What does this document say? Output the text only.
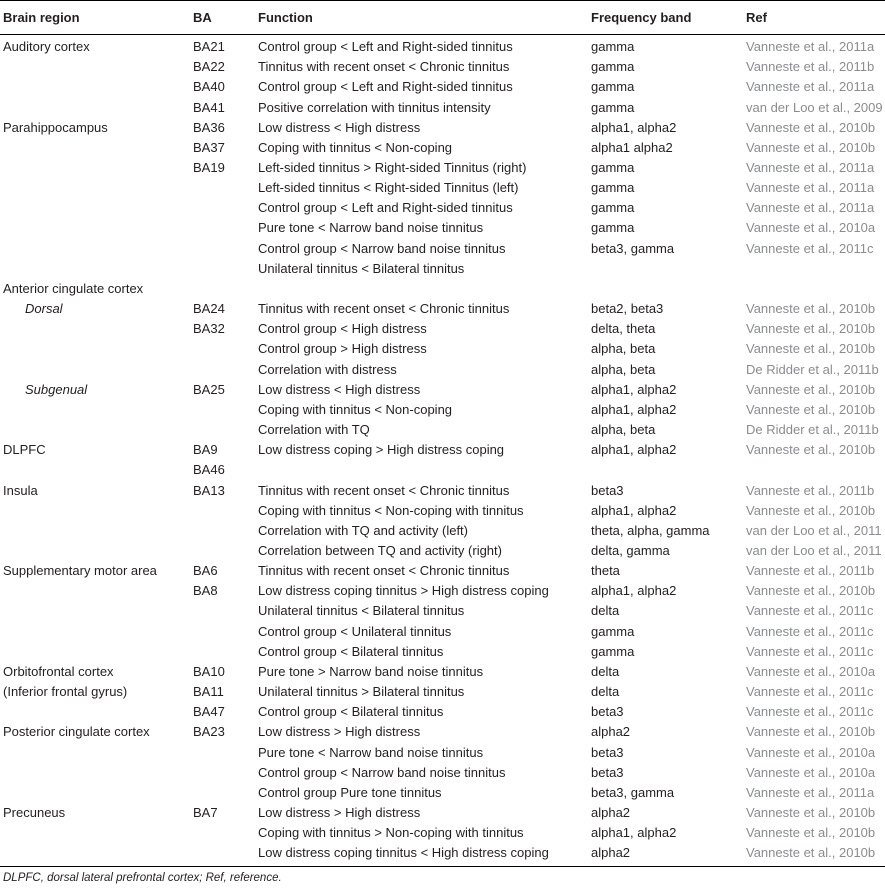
Brain region	BA	Function	Frequency band	Ref
Auditory cortex	BA21	Control group < Left and Right-sided tinnitus	gamma	Vanneste et al., 2011a
	BA22	Tinnitus with recent onset < Chronic tinnitus	gamma	Vanneste et al., 2011b
	BA40	Control group < Left and Right-sided tinnitus	gamma	Vanneste et al., 2011a
	BA41	Positive correlation with tinnitus intensity	gamma	van der Loo et al., 2009
Parahippocampus	BA36	Low distress < High distress	alpha1, alpha2	Vanneste et al., 2010b
	BA37	Coping with tinnitus < Non-coping	alpha1 alpha2	Vanneste et al., 2010b
	BA19	Left-sided tinnitus > Right-sided Tinnitus (right)	gamma	Vanneste et al., 2011a
		Left-sided tinnitus < Right-sided Tinnitus (left)	gamma	Vanneste et al., 2011a
		Control group < Left and Right-sided tinnitus	gamma	Vanneste et al., 2011a
		Pure tone < Narrow band noise tinnitus	gamma	Vanneste et al., 2010a
		Control group < Narrow band noise tinnitus	beta3, gamma	Vanneste et al., 2011c
		Unilateral tinnitus < Bilateral tinnitus		
Anterior cingulate cortex				
Dorsal	BA24	Tinnitus with recent onset < Chronic tinnitus	beta2, beta3	Vanneste et al., 2010b
	BA32	Control group < High distress	delta, theta	Vanneste et al., 2010b
		Control group > High distress	alpha, beta	Vanneste et al., 2010b
		Correlation with distress	alpha, beta	De Ridder et al., 2011b
Subgenual	BA25	Low distress < High distress	alpha1, alpha2	Vanneste et al., 2010b
		Coping with tinnitus < Non-coping	alpha1, alpha2	Vanneste et al., 2010b
		Correlation with TQ	alpha, beta	De Ridder et al., 2011b
DLPFC	BA9	Low distress coping > High distress coping	alpha1, alpha2	Vanneste et al., 2010b
	BA46			
Insula	BA13	Tinnitus with recent onset < Chronic tinnitus	beta3	Vanneste et al., 2011b
		Coping with tinnitus < Non-coping with tinnitus	alpha1, alpha2	Vanneste et al., 2010b
		Correlation with TQ and activity (left)	theta, alpha, gamma	van der Loo et al., 2011
		Correlation between TQ and activity (right)	delta, gamma	van der Loo et al., 2011
Supplementary motor area	BA6	Tinnitus with recent onset < Chronic tinnitus	theta	Vanneste et al., 2011b
	BA8	Low distress coping tinnitus > High distress coping	alpha1, alpha2	Vanneste et al., 2010b
		Unilateral tinnitus < Bilateral tinnitus	delta	Vanneste et al., 2011c
		Control group < Unilateral tinnitus	gamma	Vanneste et al., 2011c
		Control group < Bilateral tinnitus	gamma	Vanneste et al., 2011c
Orbitofrontal cortex	BA10	Pure tone > Narrow band noise tinnitus	delta	Vanneste et al., 2010a
(Inferior frontal gyrus)	BA11	Unilateral tinnitus > Bilateral tinnitus	delta	Vanneste et al., 2011c
	BA47	Control group < Bilateral tinnitus	beta3	Vanneste et al., 2011c
Posterior cingulate cortex	BA23	Low distress > High distress	alpha2	Vanneste et al., 2010b
		Pure tone < Narrow band noise tinnitus	beta3	Vanneste et al., 2010a
		Control group < Narrow band noise tinnitus	beta3	Vanneste et al., 2010a
		Control group Pure tone tinnitus	beta3, gamma	Vanneste et al., 2011a
Precuneus	BA7	Low distress > High distress	alpha2	Vanneste et al., 2010b
		Coping with tinnitus > Non-coping with tinnitus	alpha1, alpha2	Vanneste et al., 2010b
		Low distress coping tinnitus < High distress coping	alpha2	Vanneste et al., 2010b
DLPFC, dorsal lateral prefrontal cortex; Ref, reference.
